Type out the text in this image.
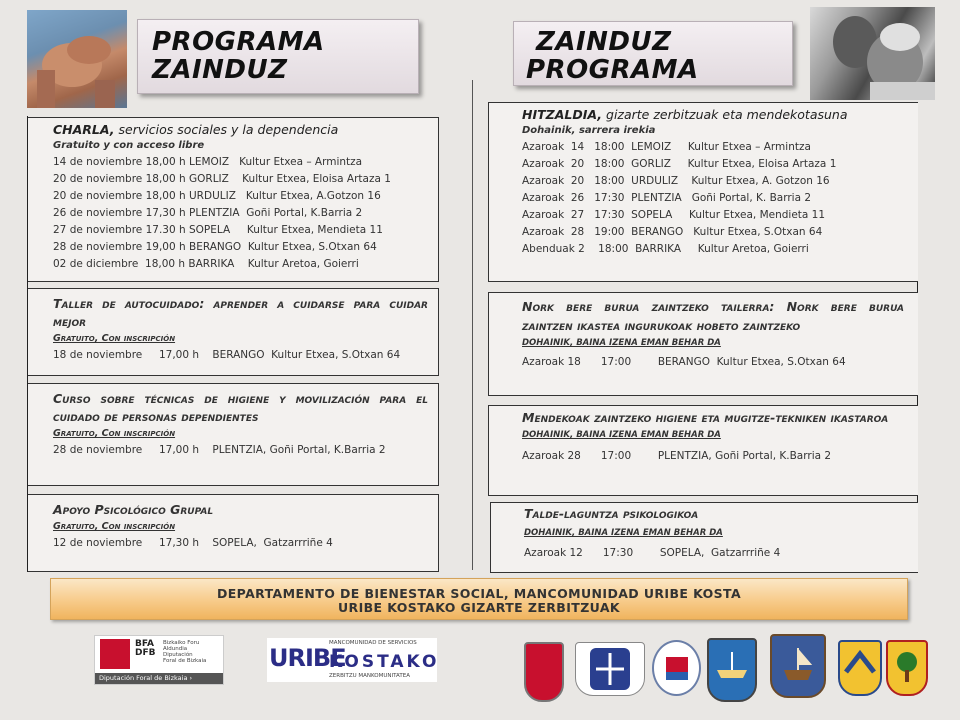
PROGRAMA
ZAINDUZ
ZAINDUZ
PROGRAMA
CHARLA, servicios sociales y la dependencia
Gratuito y con acceso libre
14 de noviembre 18,00 h LEMOIZ   Kultur Etxea – Armintza
20 de noviembre 18,00 h GORLIZ    Kultur Etxea, Eloisa Artaza 1
20 de noviembre 18,00 h URDULIZ   Kultur Etxea, A.Gotzon 16
26 de noviembre 17,30 h PLENTZIA  Goñi Portal, K.Barria 2
27 de noviembre 17.30 h SOPELA     Kultur Etxea, Mendieta 11
28 de noviembre 19,00 h BERANGO  Kultur Etxea, S.Otxan 64
02 de diciembre  18,00 h BARRIKA    Kultur Aretoa, Goierri
Taller de autocuidado: aprender a cuidarse para cuidar mejor
Gratuito, Con inscripción
18 de noviembre     17,00 h    BERANGO  Kultur Etxea, S.Otxan 64
Curso sobre técnicas de higiene y movilización para el cuidado de personas dependientes
Gratuito, Con inscripción
28 de noviembre     17,00 h    PLENTZIA, Goñi Portal, K.Barria 2
Apoyo Psicológico Grupal
Gratuito, Con inscripción
12 de noviembre     17,30 h    SOPELA,  Gatzarrriñe 4
HITZALDIA, gizarte zerbitzuak eta mendekotasuna
Dohainik, sarrera irekia
Azaroak  14   18:00  LEMOIZ     Kultur Etxea – Armintza
Azaroak  20   18:00  GORLIZ     Kultur Etxea, Eloisa Artaza 1
Azaroak  20   18:00  URDULIZ    Kultur Etxea, A. Gotzon 16
Azaroak  26   17:30  PLENTZIA   Goñi Portal, K. Barria 2
Azaroak  27   17:30  SOPELA     Kultur Etxea, Mendieta 11
Azaroak  28   19:00  BERANGO   Kultur Etxea, S.Otxan 64
Abenduak 2    18:00  BARRIKA     Kultur Aretoa, Goierri
Nork bere burua zaintzeko tailerra: Nork bere burua zaintzen ikastea ingurukoak hobeto zaintzeko
DOHAINIK, BAINA IZENA EMAN BEHAR DA
Azaroak 18      17:00        BERANGO  Kultur Etxea, S.Otxan 64
Mendekoak zaintzeko higiene eta mugitze-tekniken ikastaroa
DOHAINIK, BAINA IZENA EMAN BEHAR DA
Azaroak 28      17:00        PLENTZIA, Goñi Portal, K.Barria 2
Talde-laguntza psikologikoa
DOHAINIK, BAINA IZENA EMAN BEHAR DA
Azaroak 12      17:30        SOPELA,  Gatzarrriñe 4
DEPARTAMENTO DE BIENESTAR SOCIAL, MANCOMUNIDAD URIBE KOSTA
URIBE KOSTAKO GIZARTE ZERBITZUAK
BFA
DFB
Bizkaiko Foru
Aldundia
Diputación
Foral de Bizkaia
Diputación Foral de Bizkaia ›
URIBE
MANCOMUNIDAD DE SERVICIOS
KOSTAKO
ZERBITZU MANKOMUNITATEA
